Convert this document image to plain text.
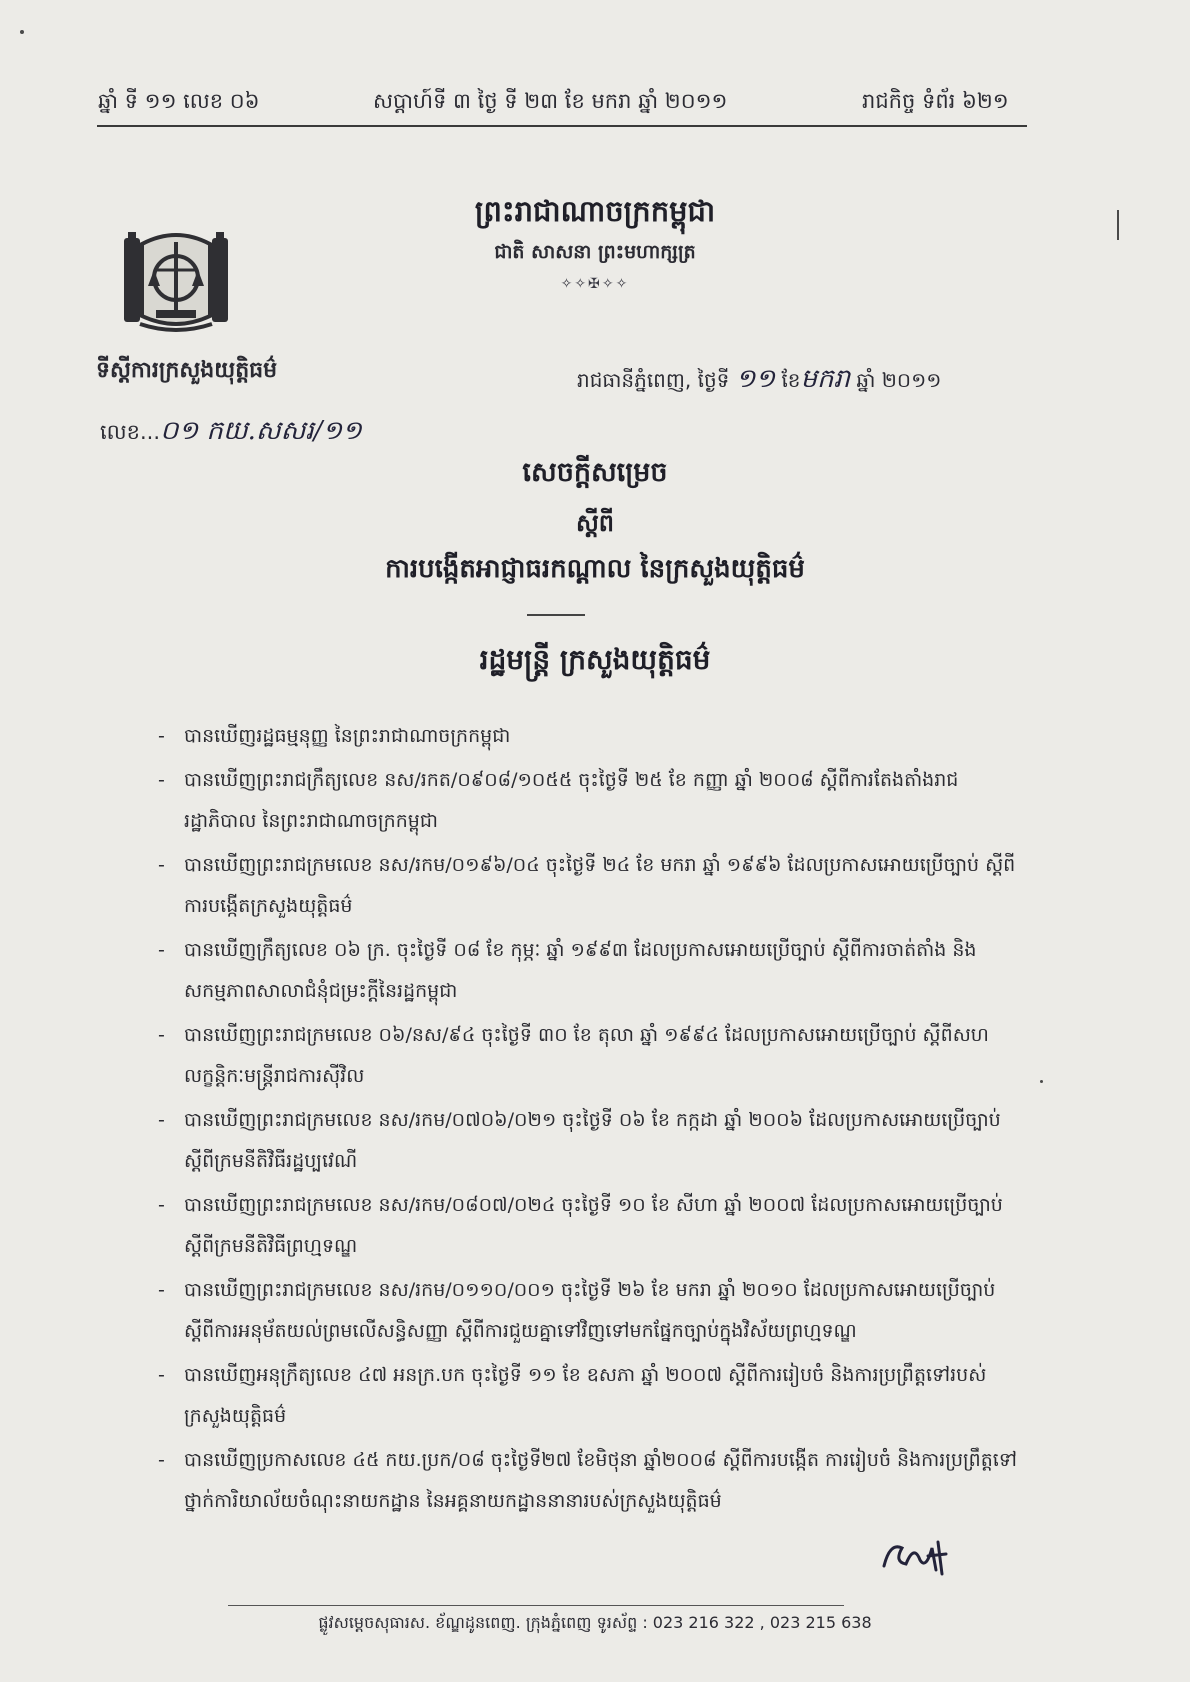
ឆ្នាំ ទី ១១ លេខ ០៦	សប្ដាហ៍ទី ៣ ថ្ងៃ ទី ២៣ ខែ មករា ឆ្នាំ ២០១១	រាជកិច្ច ទំព័រ ៦២១
ព្រះរាជាណាចក្រកម្ពុជា
ជាតិ សាសនា ព្រះមហាក្សត្រ
✧✧✠✧✧
ទីស្តីការក្រសួងយុត្តិធម៌	រាជធានីភ្នំពេញ, ថ្ងៃទី ១១ ខែមករា ឆ្នាំ ២០១១
លេខ...០១ កយ.សសរ/១១
សេចក្តីសម្រេច
ស្តីពី
ការបង្កើតអាជ្ញាធរកណ្ដាល នៃក្រសួងយុត្តិធម៌
រដ្ឋមន្ត្រី ក្រសួងយុត្តិធម៌
- បានឃើញរដ្ឋធម្មនុញ្ញ នៃព្រះរាជាណាចក្រកម្ពុជា
- បានឃើញព្រះរាជក្រឹត្យលេខ នស/រកត/០៩០៨/១០៥៥ ចុះថ្ងៃទី ២៥ ខែ កញ្ញា ឆ្នាំ ២០០៨ ស្តីពីការតែងតាំងរាជរដ្ឋាភិបាល នៃព្រះរាជាណាចក្រកម្ពុជា
- បានឃើញព្រះរាជក្រមលេខ នស/រកម/០១៩៦/០៤ ចុះថ្ងៃទី ២៤ ខែ មករា ឆ្នាំ ១៩៩៦ ដែលប្រកាសអោយប្រើច្បាប់ ស្តីពីការបង្កើតក្រសួងយុត្តិធម៌
- បានឃើញក្រឹត្យលេខ ០៦ ក្រ. ចុះថ្ងៃទី ០៨ ខែ កុម្ភៈ ឆ្នាំ ១៩៩៣ ដែលប្រកាសអោយប្រើច្បាប់ ស្តីពីការចាត់តាំង និងសកម្មភាពសាលាជំនុំជម្រះក្តីនៃរដ្ឋកម្ពុជា
- បានឃើញព្រះរាជក្រមលេខ ០៦/នស/៩៤ ចុះថ្ងៃទី ៣០ ខែ តុលា ឆ្នាំ ១៩៩៤ ដែលប្រកាសអោយប្រើច្បាប់ ស្តីពីសហលក្ខន្តិកៈមន្ត្រីរាជការស៊ីវិល
- បានឃើញព្រះរាជក្រមលេខ នស/រកម/០៧០៦/០២១ ចុះថ្ងៃទី ០៦ ខែ កក្កដា ឆ្នាំ ២០០៦ ដែលប្រកាសអោយប្រើច្បាប់ ស្តីពីក្រមនីតិវិធីរដ្ឋប្បវេណី
- បានឃើញព្រះរាជក្រមលេខ នស/រកម/០៨០៧/០២៤ ចុះថ្ងៃទី ១០ ខែ សីហា ឆ្នាំ ២០០៧ ដែលប្រកាសអោយប្រើច្បាប់ ស្តីពីក្រមនីតិវិធីព្រហ្មទណ្ឌ
- បានឃើញព្រះរាជក្រមលេខ នស/រកម/០១១០/០០១ ចុះថ្ងៃទី ២៦ ខែ មករា ឆ្នាំ ២០១០ ដែលប្រកាសអោយប្រើច្បាប់ ស្តីពីការអនុម័តយល់ព្រមលើសន្ធិសញ្ញា ស្តីពីការជួយគ្នាទៅវិញទៅមកផ្នែកច្បាប់ក្នុងវិស័យព្រហ្មទណ្ឌ
- បានឃើញអនុក្រឹត្យលេខ ៤៧ អនក្រ.បក ចុះថ្ងៃទី ១១ ខែ ឧសភា ឆ្នាំ ២០០៧ ស្តីពីការរៀបចំ និងការប្រព្រឹត្តទៅរបស់ក្រសួងយុត្តិធម៌
- បានឃើញប្រកាសលេខ ៤៥ កយ.ប្រក/០៨ ចុះថ្ងៃទី២៧ ខែមិថុនា ឆ្នាំ២០០៨ ស្តីពីការបង្កើត ការរៀបចំ និងការប្រព្រឹត្តទៅថ្នាក់ការិយាល័យចំណុះនាយកដ្ឋាន នៃអគ្គនាយកដ្ឋាននានារបស់ក្រសួងយុត្តិធម៌
ផ្លូវសម្ដេចសុធារស. ខ័ណ្ឌដូនពេញ. ក្រុងភ្នំពេញ ទូរស័ព្ទ : 023 216 322 , 023 215 638
